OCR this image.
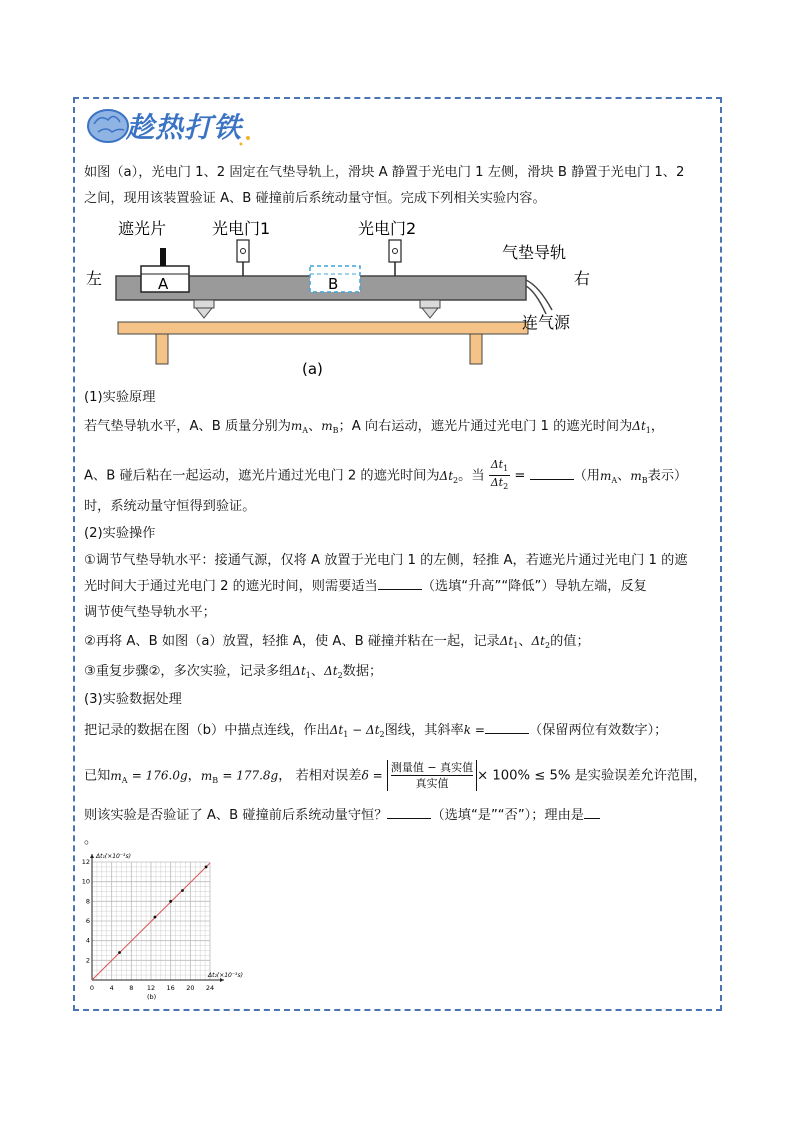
趁热打铁
如图（a），光电门 1、2 固定在气垫导轨上，滑块 A 静置于光电门 1 左侧，滑块 B 静置于光电门 1、2
之间，现用该装置验证 A、B 碰撞前后系统动量守恒。完成下列相关实验内容。
遮光片	光电门1	光电门2
气垫导轨
左	右
连气源
A	B
(a)
(1)实验原理
若气垫导轨水平，A、B 质量分别为$m_A$、$m_B$；A 向右运动，遮光片通过光电门 1 的遮光时间为$\Delta t_1$，
A、B 碰后粘在一起运动，遮光片通过光电门 2 的遮光时间为$\Delta t_2$。当 $\frac{\Delta t_1}{\Delta t_2}$ =	（用$m_A$、$m_B$表示）
时，系统动量守恒得到验证。
(2)实验操作
①调节气垫导轨水平：接通气源，仅将 A 放置于光电门 1 的左侧，轻推 A，若遮光片通过光电门 1 的遮
光时间大于通过光电门 2 的遮光时间，则需要适当	（选填“升高”“降低”）导轨左端，反复
调节使气垫导轨水平；
②再将 A、B 如图（a）放置，轻推 A，使 A、B 碰撞并粘在一起，记录$\Delta t_1$、$\Delta t_2$的值；
③重复步骤②，多次实验，记录多组$\Delta t_1$、$\Delta t_2$数据；
(3)实验数据处理
把记录的数据在图（b）中描点连线，作出$\Delta t_1 - \Delta t_2$图线，其斜率k =	（保留两位有效数字）；
已知$m_A = 176.0g$，$m_B = 177.8g$， 若相对误差$\delta = \frac{\text{测量值 − 真实值}}{\text{真实值}}\times 100\% \le 5\%$ 是实验误差允许范围，
则该实验是否验证了 A、B 碰撞前后系统动量守恒？	（选填“是”“否”）；理由是
。
0 4 8 12 16 20 24
2
4
6
8
10
12
Δt₁(×10⁻³s)
Δt₂(×10⁻³s)
(b)
